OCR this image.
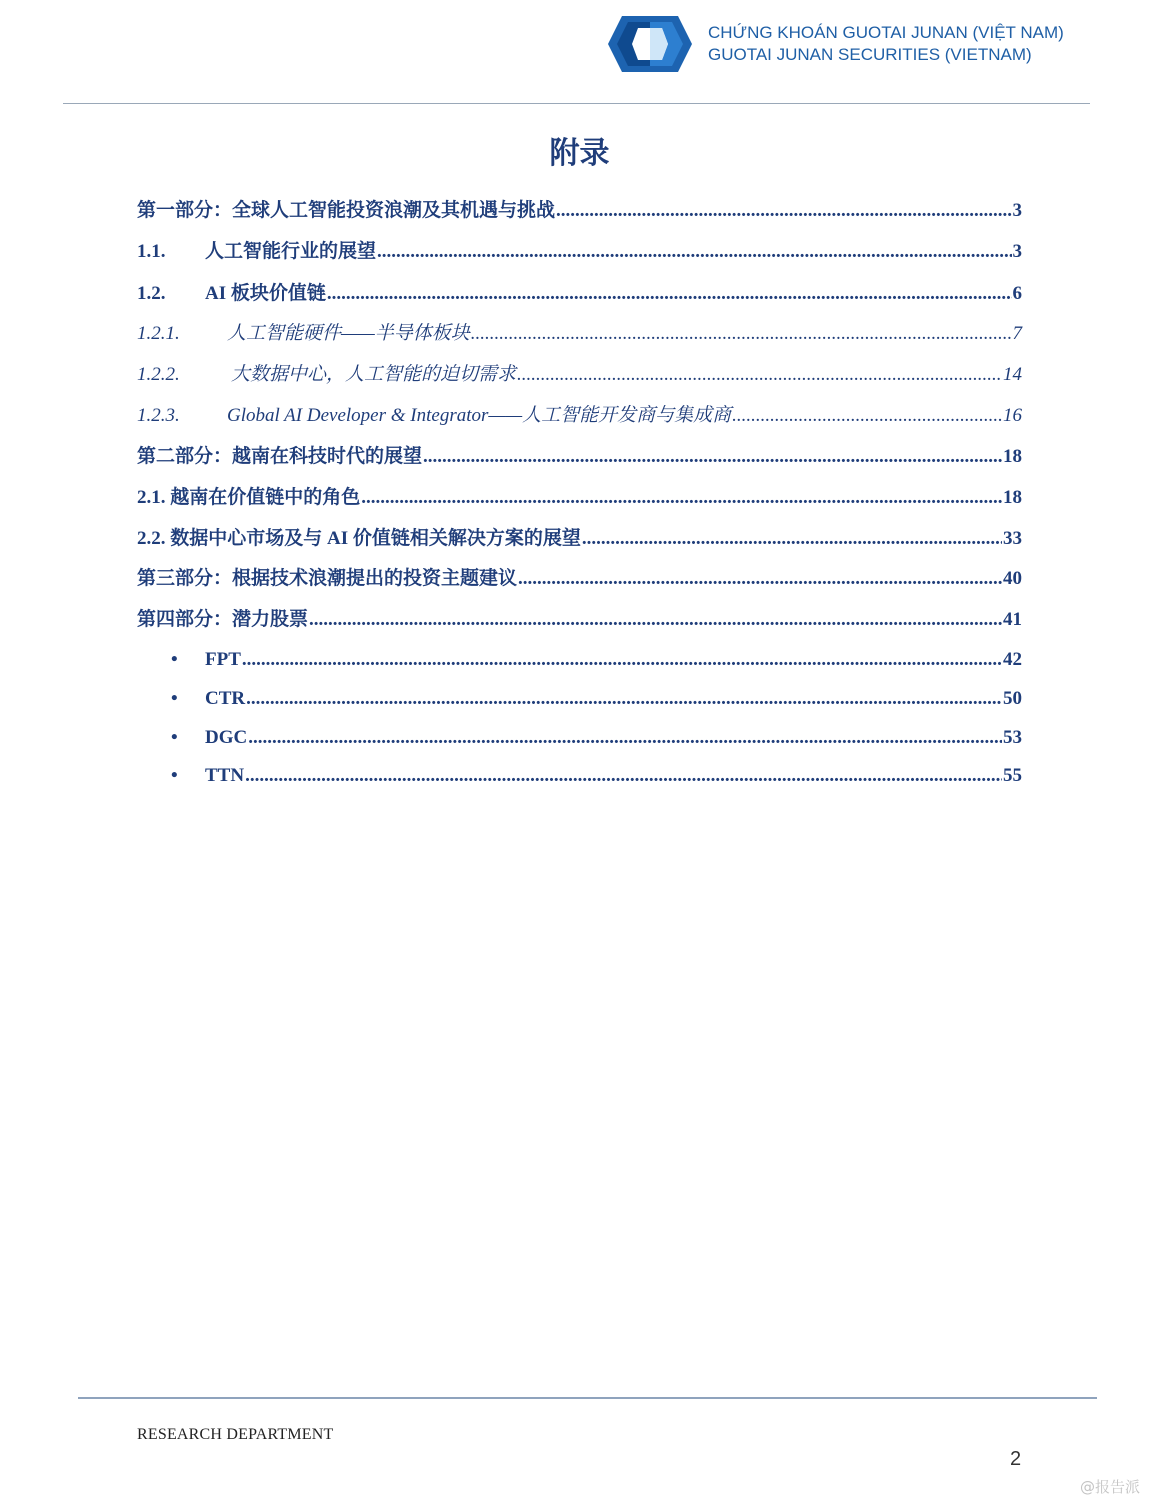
CHỨNG KHOÁN GUOTAI JUNAN (VIỆT NAM)
GUOTAI JUNAN SECURITIES (VIETNAM)
附录
第一部分：全球人工智能投资浪潮及其机遇与挑战 .....	3
1.1.	人工智能行业的展望 .....	3
1.2.	AI 板块价值链 .....	6
1.2.1.	人工智能硬件——半导体板块 .....	7
1.2.2.	大数据中心，人工智能的迫切需求 .....	14
1.2.3.	Global AI Developer & Integrator——人工智能开发商与集成商 .....	16
第二部分：越南在科技时代的展望 .....	18
2.1. 越南在价值链中的角色 .....	18
2.2. 数据中心市场及与 AI 价值链相关解决方案的展望 .....	33
第三部分：根据技术浪潮提出的投资主题建议 .....	40
第四部分：潜力股票 .....	41
•	FPT .....	42
•	CTR .....	50
•	DGC .....	53
•	TTN .....	55
RESEARCH DEPARTMENT
2
@报告派
